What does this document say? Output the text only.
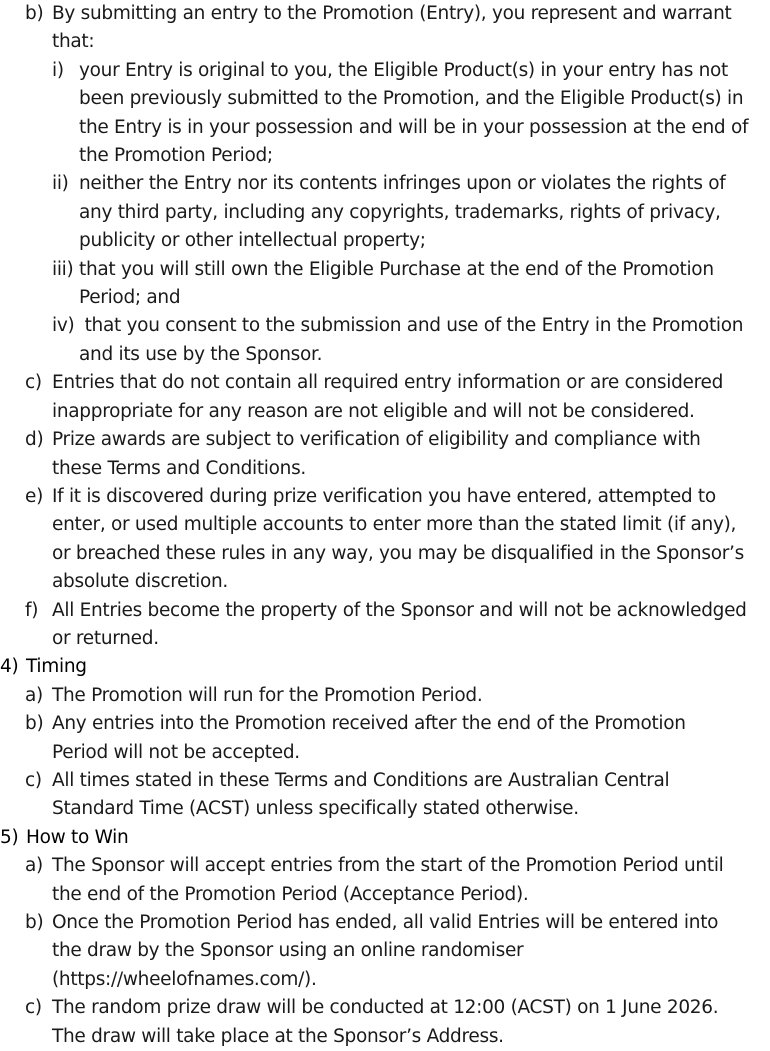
b) By submitting an entry to the Promotion (Entry), you represent and warrant
that:
i) your Entry is original to you, the Eligible Product(s) in your entry has not
been previously submitted to the Promotion, and the Eligible Product(s) in
the Entry is in your possession and will be in your possession at the end of
the Promotion Period;
ii) neither the Entry nor its contents infringes upon or violates the rights of
any third party, including any copyrights, trademarks, rights of privacy,
publicity or other intellectual property;
iii) that you will still own the Eligible Purchase at the end of the Promotion
Period; and
iv) that you consent to the submission and use of the Entry in the Promotion
and its use by the Sponsor.
c) Entries that do not contain all required entry information or are considered
inappropriate for any reason are not eligible and will not be considered.
d) Prize awards are subject to verification of eligibility and compliance with
these Terms and Conditions.
e) If it is discovered during prize verification you have entered, attempted to
enter, or used multiple accounts to enter more than the stated limit (if any),
or breached these rules in any way, you may be disqualified in the Sponsor’s
absolute discretion.
f) All Entries become the property of the Sponsor and will not be acknowledged
or returned.
4) Timing
a) The Promotion will run for the Promotion Period.
b) Any entries into the Promotion received after the end of the Promotion
Period will not be accepted.
c) All times stated in these Terms and Conditions are Australian Central
Standard Time (ACST) unless specifically stated otherwise.
5) How to Win
a) The Sponsor will accept entries from the start of the Promotion Period until
the end of the Promotion Period (Acceptance Period).
b) Once the Promotion Period has ended, all valid Entries will be entered into
the draw by the Sponsor using an online randomiser
(https://wheelofnames.com/).
c) The random prize draw will be conducted at 12:00 (ACST) on 1 June 2026.
The draw will take place at the Sponsor’s Address.
